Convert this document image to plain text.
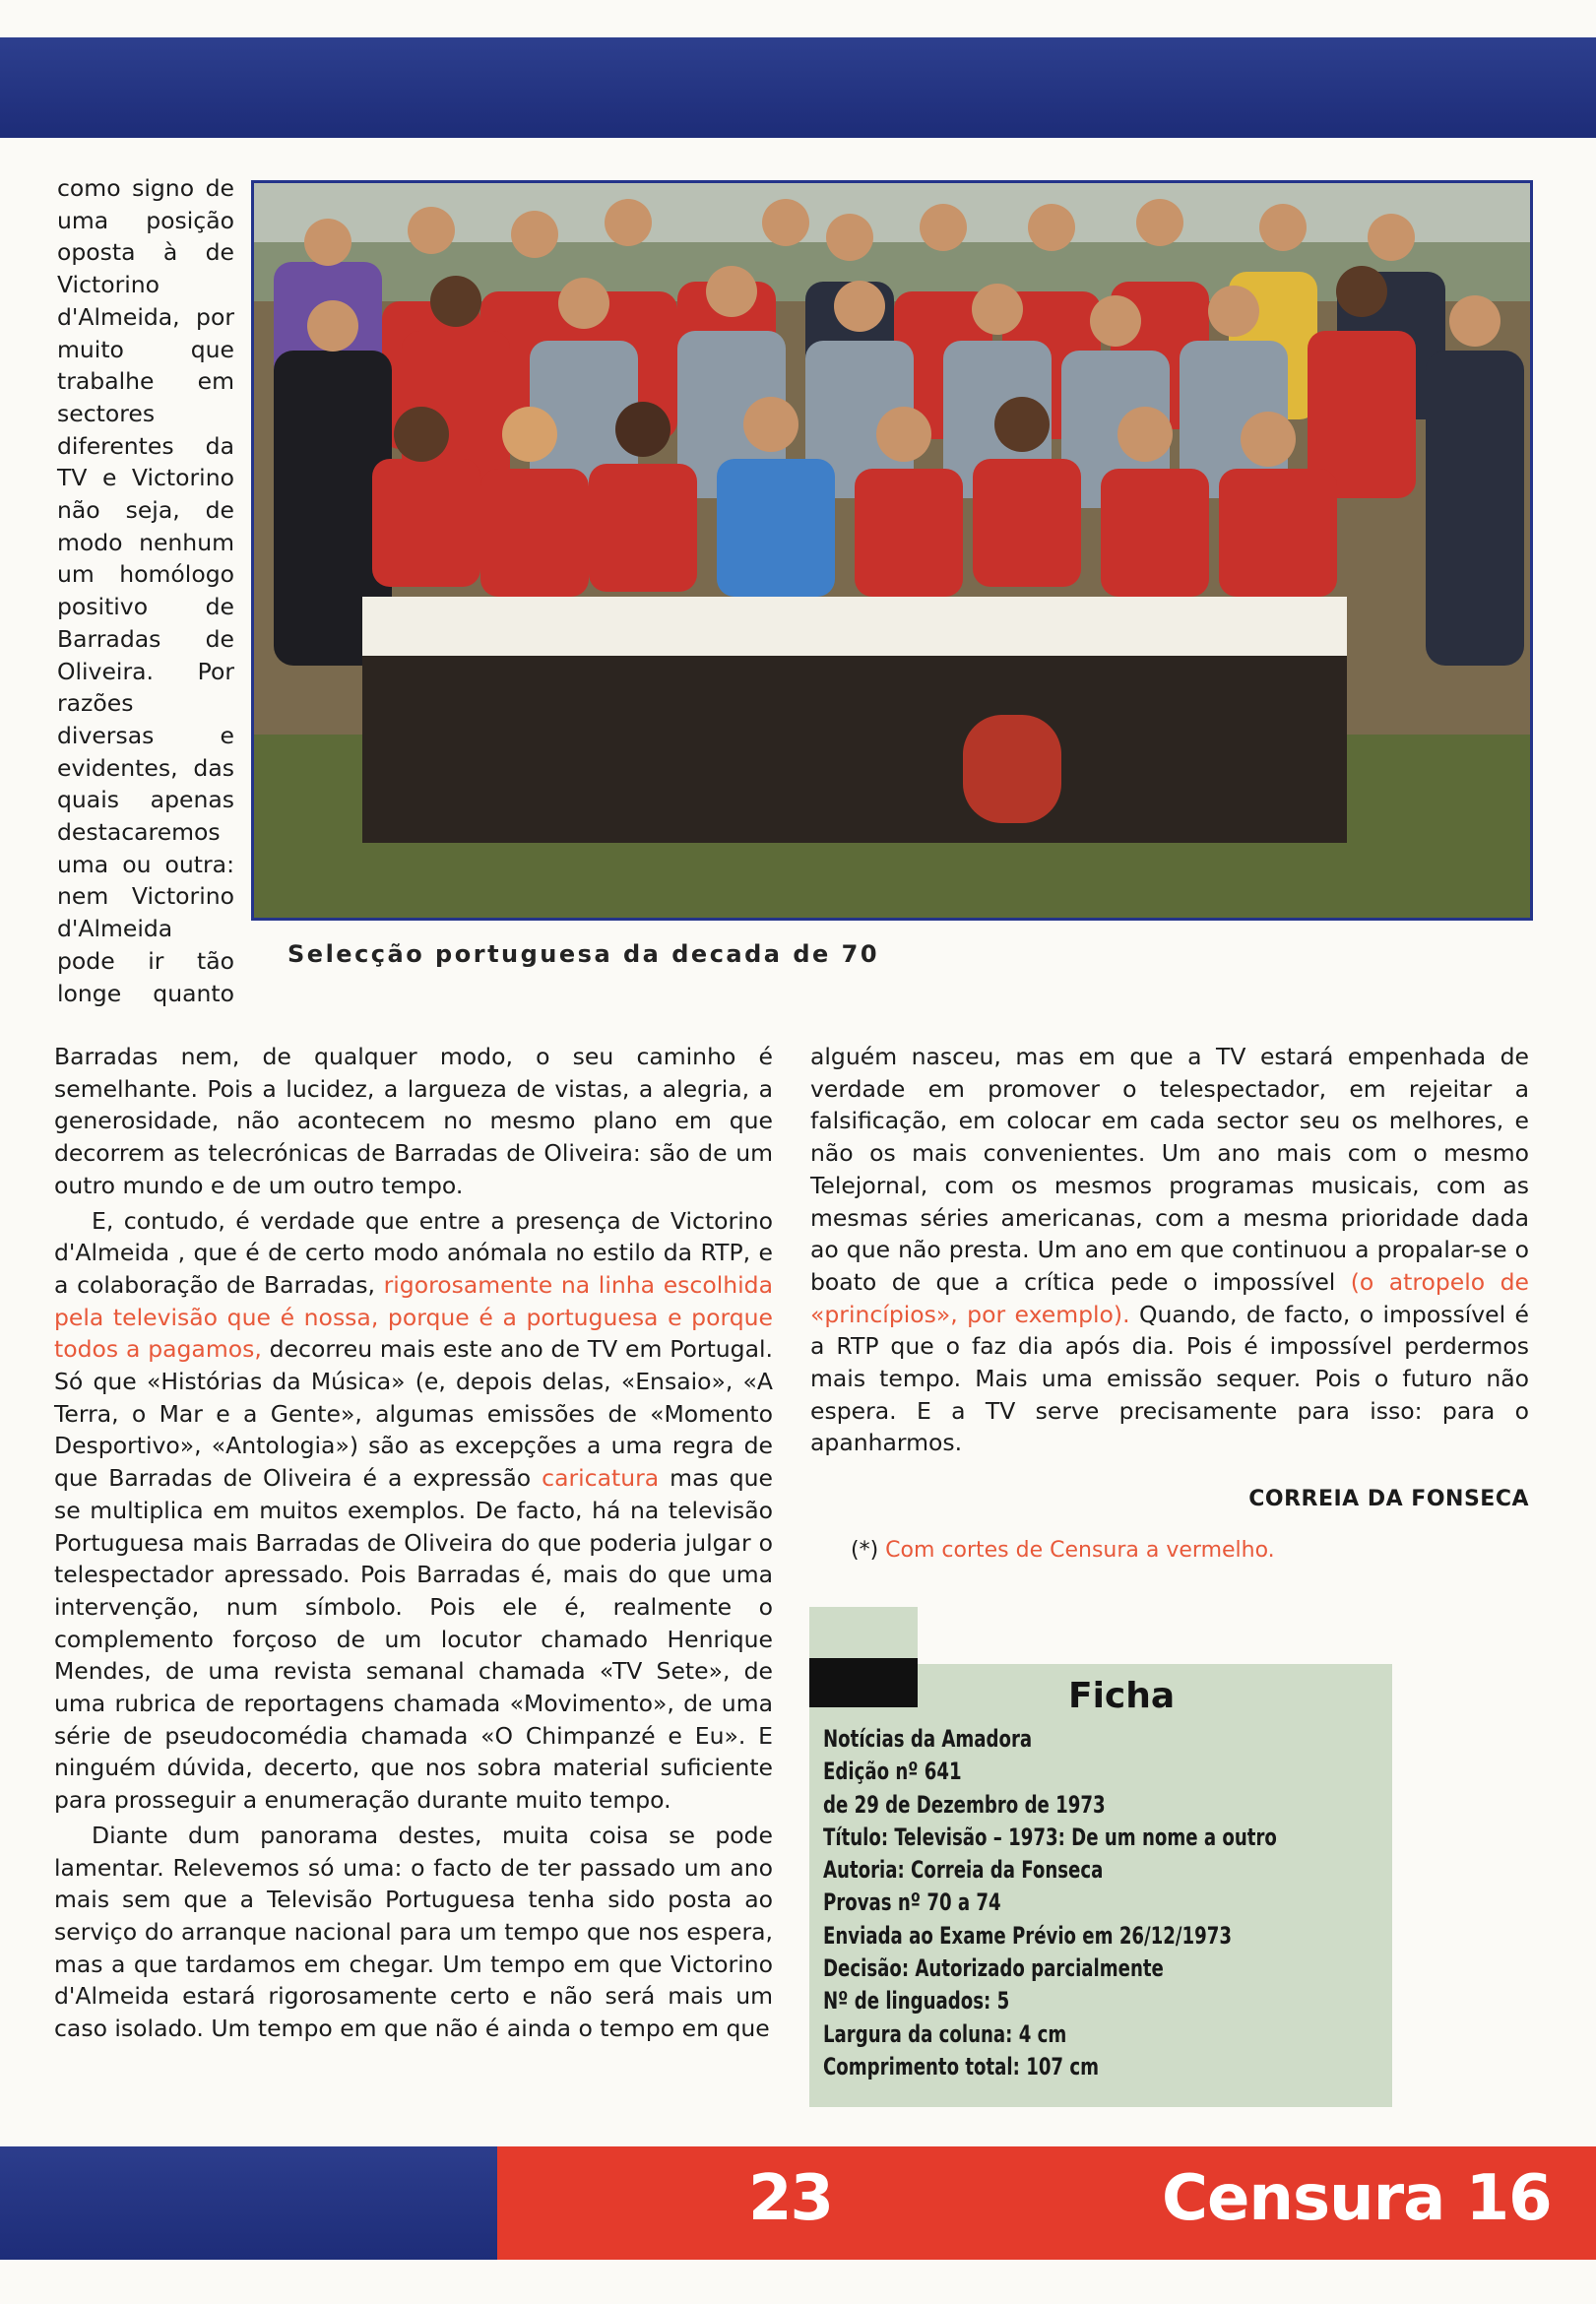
Selecção portuguesa da decada de 70

como signo de uma posição oposta à de Victorino d'Almeida, por muito que trabalhe em sectores diferentes da TV e Victorino não seja, de modo nenhum um homólogo positivo de Barradas de Oliveira. Por razões diversas e evidentes, das quais apenas destacaremos uma ou outra: nem Victorino d'Almeida pode ir tão longe quanto

Barradas nem, de qualquer modo, o seu caminho é semelhante. Pois a lucidez, a largueza de vistas, a alegria, a generosidade, não acontecem no mesmo plano em que decorrem as telecrónicas de Barradas de Oliveira: são de um outro mundo e de um outro tempo.

E, contudo, é verdade que entre a presença de Victorino d'Almeida , que é de certo modo anómala no estilo da RTP, e a colaboração de Barradas, rigorosamente na linha escolhida pela televisão que é nossa, porque é a portuguesa e porque todos a pagamos, decorreu mais este ano de TV em Portugal. Só que «Histórias da Música» (e, depois delas, «Ensaio», «A Terra, o Mar e a Gente», algumas emissões de «Momento Desportivo», «Antologia») são as excepções a uma regra de que Barradas de Oliveira é a expressão caricatura mas que se multiplica em muitos exemplos. De facto, há na televisão Portuguesa mais Barradas de Oliveira do que poderia julgar o telespectador apressado. Pois Barradas é, mais do que uma intervenção, num símbolo. Pois ele é, realmente o complemento forçoso de um locutor chamado Henrique Mendes, de uma revista semanal chamada «TV Sete», de uma rubrica de reportagens chamada «Movimento», de uma série de pseudocomédia chamada «O Chimpanzé e Eu». E ninguém dúvida, decerto, que nos sobra material suficiente para prosseguir a enumeração durante muito tempo.

Diante dum panorama destes, muita coisa se pode lamentar. Relevemos só uma: o facto de ter passado um ano mais sem que a Televisão Portuguesa tenha sido posta ao serviço do arranque nacional para um tempo que nos espera, mas a que tardamos em chegar. Um tempo em que Victorino d'Almeida estará rigorosamente certo e não será mais um caso isolado. Um tempo em que não é ainda o tempo em que

alguém nasceu, mas em que a TV estará empenhada de verdade em promover o telespectador, em rejeitar a falsificação, em colocar em cada sector seu os melhores, e não os mais convenientes. Um ano mais com o mesmo Telejornal, com os mesmos programas musicais, com as mesmas séries americanas, com a mesma prioridade dada ao que não presta. Um ano em que continuou a propalar-se o boato de que a crítica pede o impossível (o atropelo de «princípios», por exemplo). Quando, de facto, o impossível é a RTP que o faz dia após dia. Pois é impossível perdermos mais tempo. Mais uma emissão sequer. Pois o futuro não espera. E a TV serve precisamente para isso: para o apanharmos.

CORREIA DA FONSECA
(*) Com cortes de Censura a vermelho.
Ficha
Notícias da Amadora
Edição nº 641
de 29 de Dezembro de 1973
Título: Televisão – 1973: De um nome a outro
Autoria: Correia da Fonseca
Provas nº 70 a 74
Enviada ao Exame Prévio em 26/12/1973
Decisão: Autorizado parcialmente
Nº de linguados: 5
Largura da coluna: 4 cm
Comprimento total: 107 cm
23	Censura 16
